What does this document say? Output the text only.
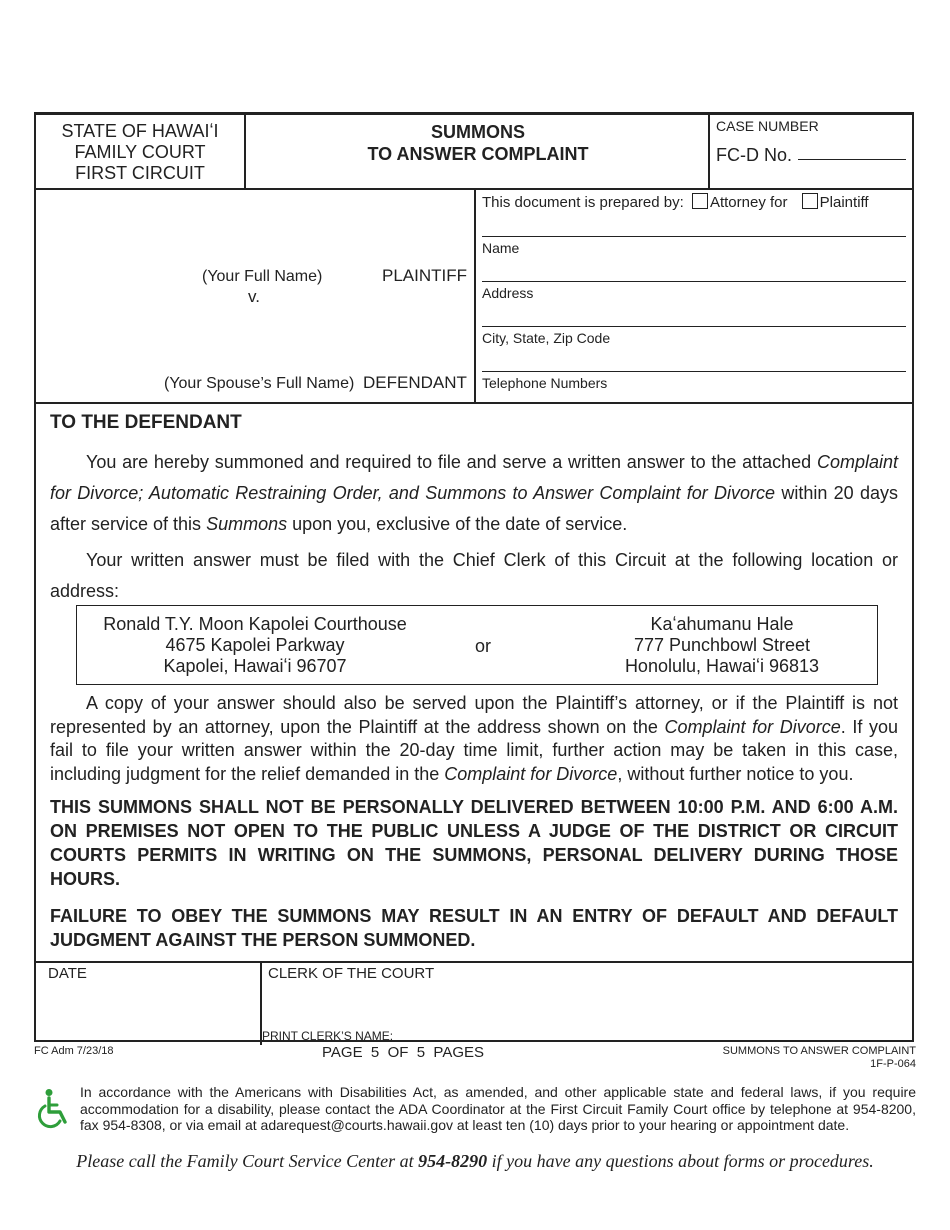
STATE OF HAWAIʻI
FAMILY COURT
FIRST CIRCUIT
SUMMONS
TO ANSWER COMPLAINT
CASE NUMBER
FC-D No.
(Your Full Name)	PLAINTIFF
v.
(Your Spouse’s Full Name) DEFENDANT
This document is prepared by: Attorney for Plaintiff
Name
Address
City, State, Zip Code
Telephone Numbers
TO THE DEFENDANT
You are hereby summoned and required to file and serve a written answer to the attached Complaint for Divorce; Automatic Restraining Order, and Summons to Answer Complaint for Divorce within 20 days after service of this Summons upon you, exclusive of the date of service.
Your written answer must be filed with the Chief Clerk of this Circuit at the following location or address:
Ronald T.Y. Moon Kapolei Courthouse
4675 Kapolei Parkway
Kapolei, Hawaiʻi 96707
or
Kaʻahumanu Hale
777 Punchbowl Street
Honolulu, Hawaiʻi 96813
A copy of your answer should also be served upon the Plaintiff’s attorney, or if the Plaintiff is not represented by an attorney, upon the Plaintiff at the address shown on the Complaint for Divorce. If you fail to file your written answer within the 20-day time limit, further action may be taken in this case, including judgment for the relief demanded in the Complaint for Divorce, without further notice to you.
THIS SUMMONS SHALL NOT BE PERSONALLY DELIVERED BETWEEN 10:00 P.M. AND 6:00 A.M. ON PREMISES NOT OPEN TO THE PUBLIC UNLESS A JUDGE OF THE DISTRICT OR CIRCUIT COURTS PERMITS IN WRITING ON THE SUMMONS, PERSONAL DELIVERY DURING THOSE HOURS.
FAILURE TO OBEY THE SUMMONS MAY RESULT IN AN ENTRY OF DEFAULT AND DEFAULT JUDGMENT AGAINST THE PERSON SUMMONED.
DATE	CLERK OF THE COURT
PRINT CLERK’S NAME:
FC Adm 7/23/18	PAGE  5  OF  5  PAGES	SUMMONS TO ANSWER COMPLAINT
1F-P-064
In accordance with the Americans with Disabilities Act, as amended, and other applicable state and federal laws, if you require accommodation for a disability, please contact the ADA Coordinator at the First Circuit Family Court office by telephone at 954-8200, fax 954-8308, or via email at adarequest@courts.hawaii.gov at least ten (10) days prior to your hearing or appointment date.
Please call the Family Court Service Center at 954-8290 if you have any questions about forms or procedures.
